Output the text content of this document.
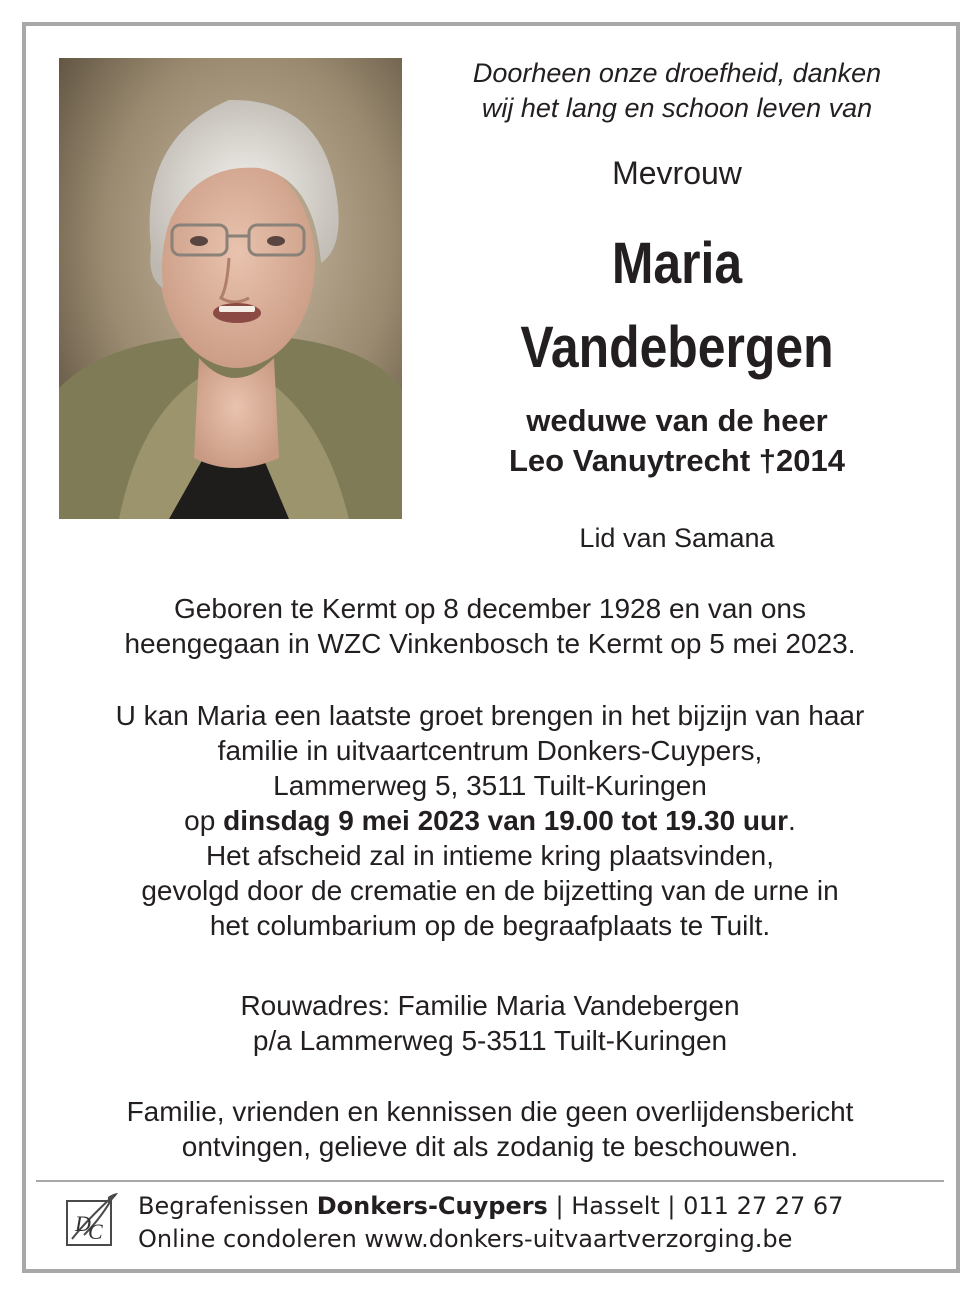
Doorheen onze droefheid, danken
wij het lang en schoon leven van
Mevrouw
Maria
Vandebergen
weduwe van de heer
Leo Vanuytrecht †2014
Lid van Samana
Geboren te Kermt op 8 december 1928 en van ons
heengegaan in WZC Vinkenbosch te Kermt op 5 mei 2023.
U kan Maria een laatste groet brengen in het bijzijn van haar
familie in uitvaartcentrum Donkers-Cuypers,
Lammerweg 5, 3511 Tuilt-Kuringen
op dinsdag 9 mei 2023 van 19.00 tot 19.30 uur.
Het afscheid zal in intieme kring plaatsvinden,
gevolgd door de crematie en de bijzetting van de urne in
het columbarium op de begraafplaats te Tuilt.
Rouwadres: Familie Maria Vandebergen
p/a Lammerweg 5-3511 Tuilt-Kuringen
Familie, vrienden en kennissen die geen overlijdensbericht
ontvingen, gelieve dit als zodanig te beschouwen.
D
C
Begrafenissen Donkers-Cuypers | Hasselt | 011 27 27 67
Online condoleren www.donkers-uitvaartverzorging.be
